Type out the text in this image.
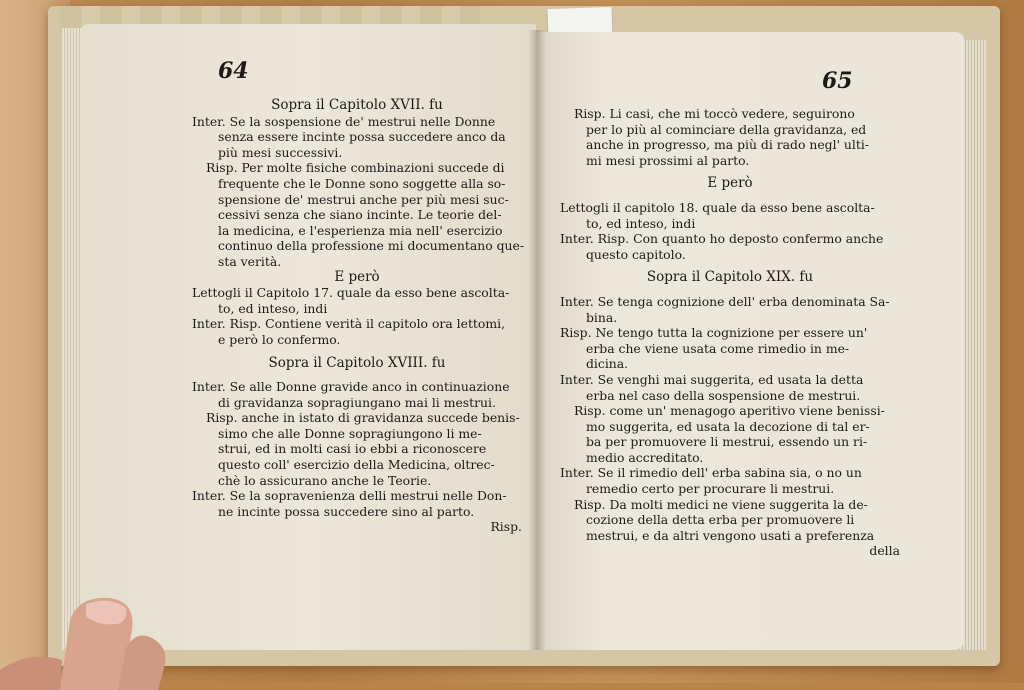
64
Sopra il Capitolo XVII. fu
Inter. Se la sospensione de' mestrui nelle Donne
senza essere incinte possa succedere anco da
più mesi successivi.
Risp. Per molte fisiche combinazioni succede di
frequente che le Donne sono soggette alla so-
spensione de' mestrui anche per più mesi suc-
cessivi senza che siano incinte. Le teorie del-
la medicina, e l'esperienza mia nell' esercizio
continuo della professione mi documentano que-
sta verità.
E però
Lettogli il Capitolo 17. quale da esso bene ascolta-
to, ed inteso, indi
Inter. Risp. Contiene verità il capitolo ora lettomi,
e però lo confermo.
Sopra il Capitolo XVIII. fu
Inter. Se alle Donne gravide anco in continuazione
di gravidanza sopragiungano mai li mestrui.
Risp. anche in istato di gravidanza succede benis-
simo che alle Donne sopragiungono li me-
strui, ed in molti casi io ebbi a riconoscere
questo coll' esercizio della Medicina, oltrec-
chè lo assicurano anche le Teorie.
Inter. Se la sopravenienza delli mestrui nelle Don-
ne incinte possa succedere sino al parto.
Risp.
65
Risp. Li casi, che mi toccò vedere, seguirono
per lo più al cominciare della gravidanza, ed
anche in progresso, ma più di rado negl' ulti-
mi mesi prossimi al parto.
E però
Lettogli il capitolo 18. quale da esso bene ascolta-
to, ed inteso, indi
Inter. Risp. Con quanto ho deposto confermo anche
questo capitolo.
Sopra il Capitolo XIX. fu
Inter. Se tenga cognizione dell' erba denominata Sa-
bina.
Risp. Ne tengo tutta la cognizione per essere un'
erba che viene usata come rimedio in me-
dicina.
Inter. Se venghi mai suggerita, ed usata la detta
erba nel caso della sospensione de mestrui.
Risp. come un' menagogo aperitivo viene benissi-
mo suggerita, ed usata la decozione di tal er-
ba per promuovere li mestrui, essendo un ri-
medio accreditato.
Inter. Se il rimedio dell' erba sabina sia, o no un
remedio certo per procurare li mestrui.
Risp. Da molti medici ne viene suggerita la de-
cozione della detta erba per promuovere li
mestrui, e da altri vengono usati a preferenza
della
